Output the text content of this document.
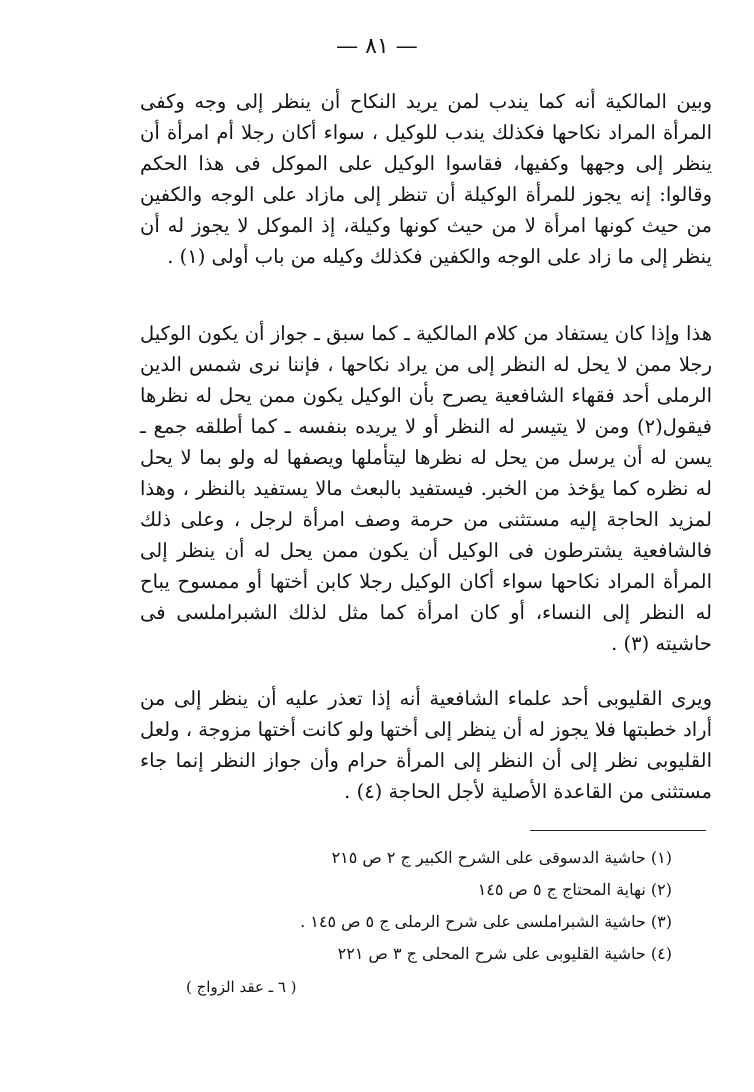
— ٨١ —

وبين المالكية أنه كما يندب لمن يريد النكاح أن ينظر إلى وجه وكفى المرأة المراد نكاحها فكذلك يندب للوكيل ، سواء أكان رجلا أم امرأة أن ينظر إلى وجهها وكفيها، فقاسوا الوكيل على الموكل فى هذا الحكم وقالوا: إنه يجوز للمرأة الوكيلة أن تنظر إلى مازاد على الوجه والكفين من حيث كونها امرأة لا من حيث كونها وكيلة، إذ الموكل لا يجوز له أن ينظر إلى ما زاد على الوجه والكفين فكذلك وكيله من باب أولى (١) .

هذا وإذا كان يستفاد من كلام المالكية ـ كما سبق ـ جواز أن يكون الوكيل رجلا ممن لا يحل له النظر إلى من يراد نكاحها ، فإننا نرى شمس الدين الرملى أحد فقهاء الشافعية يصرح بأن الوكيل يكون ممن يحل له نظرها فيقول(٢) ومن لا يتيسر له النظر أو لا يريده بنفسه ـ كما أطلقه جمع ـ يسن له أن يرسل من يحل له نظرها ليتأملها ويصفها له ولو بما لا يحل له نظره كما يؤخذ من الخبر. فيستفيد بالبعث مالا يستفيد بالنظر ، وهذا لمزيد الحاجة إليه مستثنى من حرمة وصف امرأة لرجل ، وعلى ذلك فالشافعية يشترطون فى الوكيل أن يكون ممن يحل له أن ينظر إلى المرأة المراد نكاحها سواء أكان الوكيل رجلا كابن أختها أو ممسوح يباح له النظر إلى النساء، أو كان امرأة كما مثل لذلك الشبراملسى فى حاشيته (٣) .

ويرى القليوبى أحد علماء الشافعية أنه إذا تعذر عليه أن ينظر إلى من أراد خطبتها فلا يجوز له أن ينظر إلى أختها ولو كانت أختها مزوجة ، ولعل القليوبى نظر إلى أن النظر إلى المرأة حرام وأن جواز النظر إنما جاء مستثنى من القاعدة الأصلية لأجل الحاجة (٤) .

(١) حاشية الدسوقى على الشرح الكبير ج ٢ ص ٢١٥
(٢) نهاية المحتاج ج ٥ ص ١٤٥
(٣) حاشية الشبراملسى على شرح الرملى ج ٥ ص ١٤٥ .
(٤) حاشية القليوبى على شرح المحلى ج ٣ ص ٢٢١
( ٦ ـ عقد الزواج )
